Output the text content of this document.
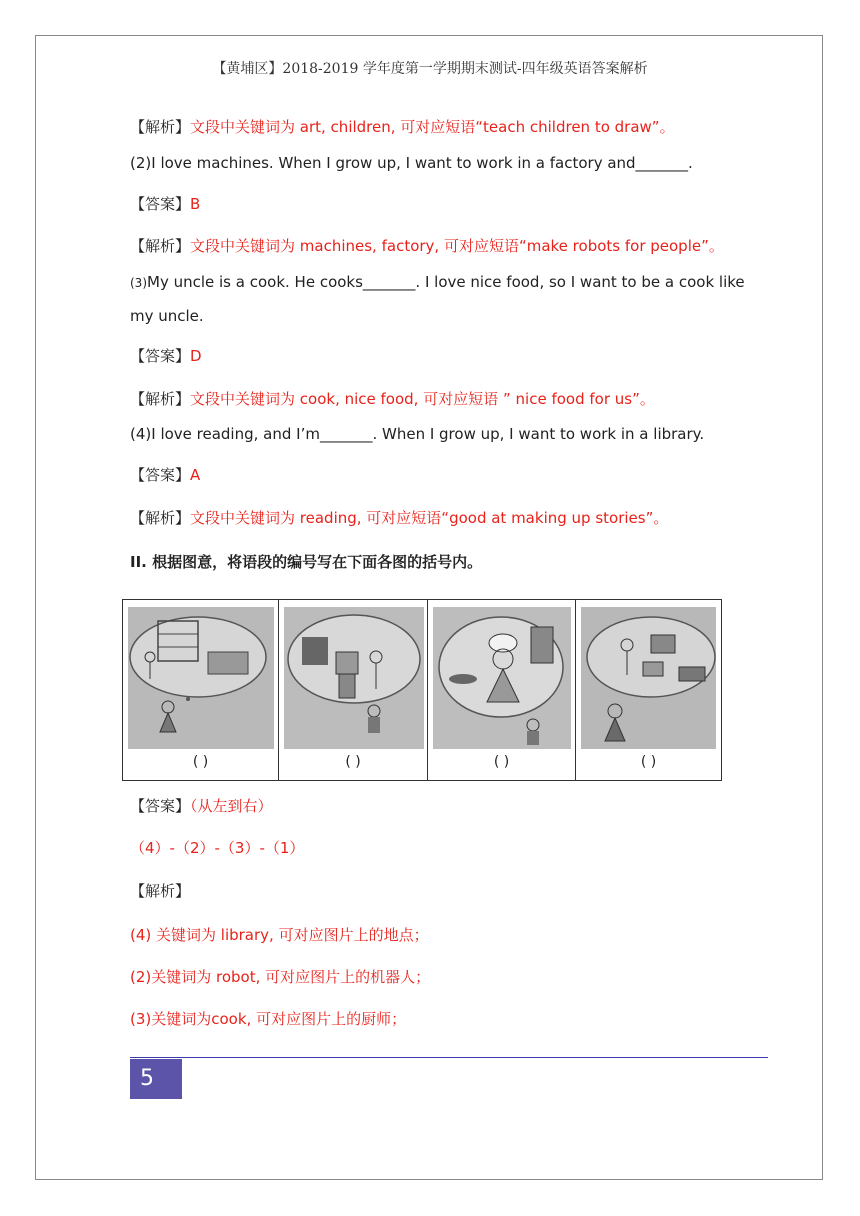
【黄埔区】2018-2019 学年度第一学期期末测试-四年级英语答案解析
【解析】文段中关键词为 art, children, 可对应短语“teach children to draw”。
(2)I love machines. When I grow up, I want to work in a factory and_______.
【答案】B
【解析】文段中关键词为 machines, factory, 可对应短语“make robots for people”。
(3)My uncle is a cook. He cooks_______. I love nice food, so I want to be a cook like
my uncle.
【答案】D
【解析】文段中关键词为 cook, nice food, 可对应短语 ” nice food for us”。
(4)I love reading, and I’m_______. When I grow up, I want to work in a library.
【答案】A
【解析】文段中关键词为 reading, 可对应短语“good at making up stories”。
II. 根据图意，将语段的编号写在下面各图的括号内。
( )	( )	( )	( )
【答案】（从左到右）
（4）-（2）-（3）-（1）
【解析】
(4) 关键词为 library, 可对应图片上的地点；
(2)关键词为 robot, 可对应图片上的机器人；
(3)关键词为cook, 可对应图片上的厨师；
5
